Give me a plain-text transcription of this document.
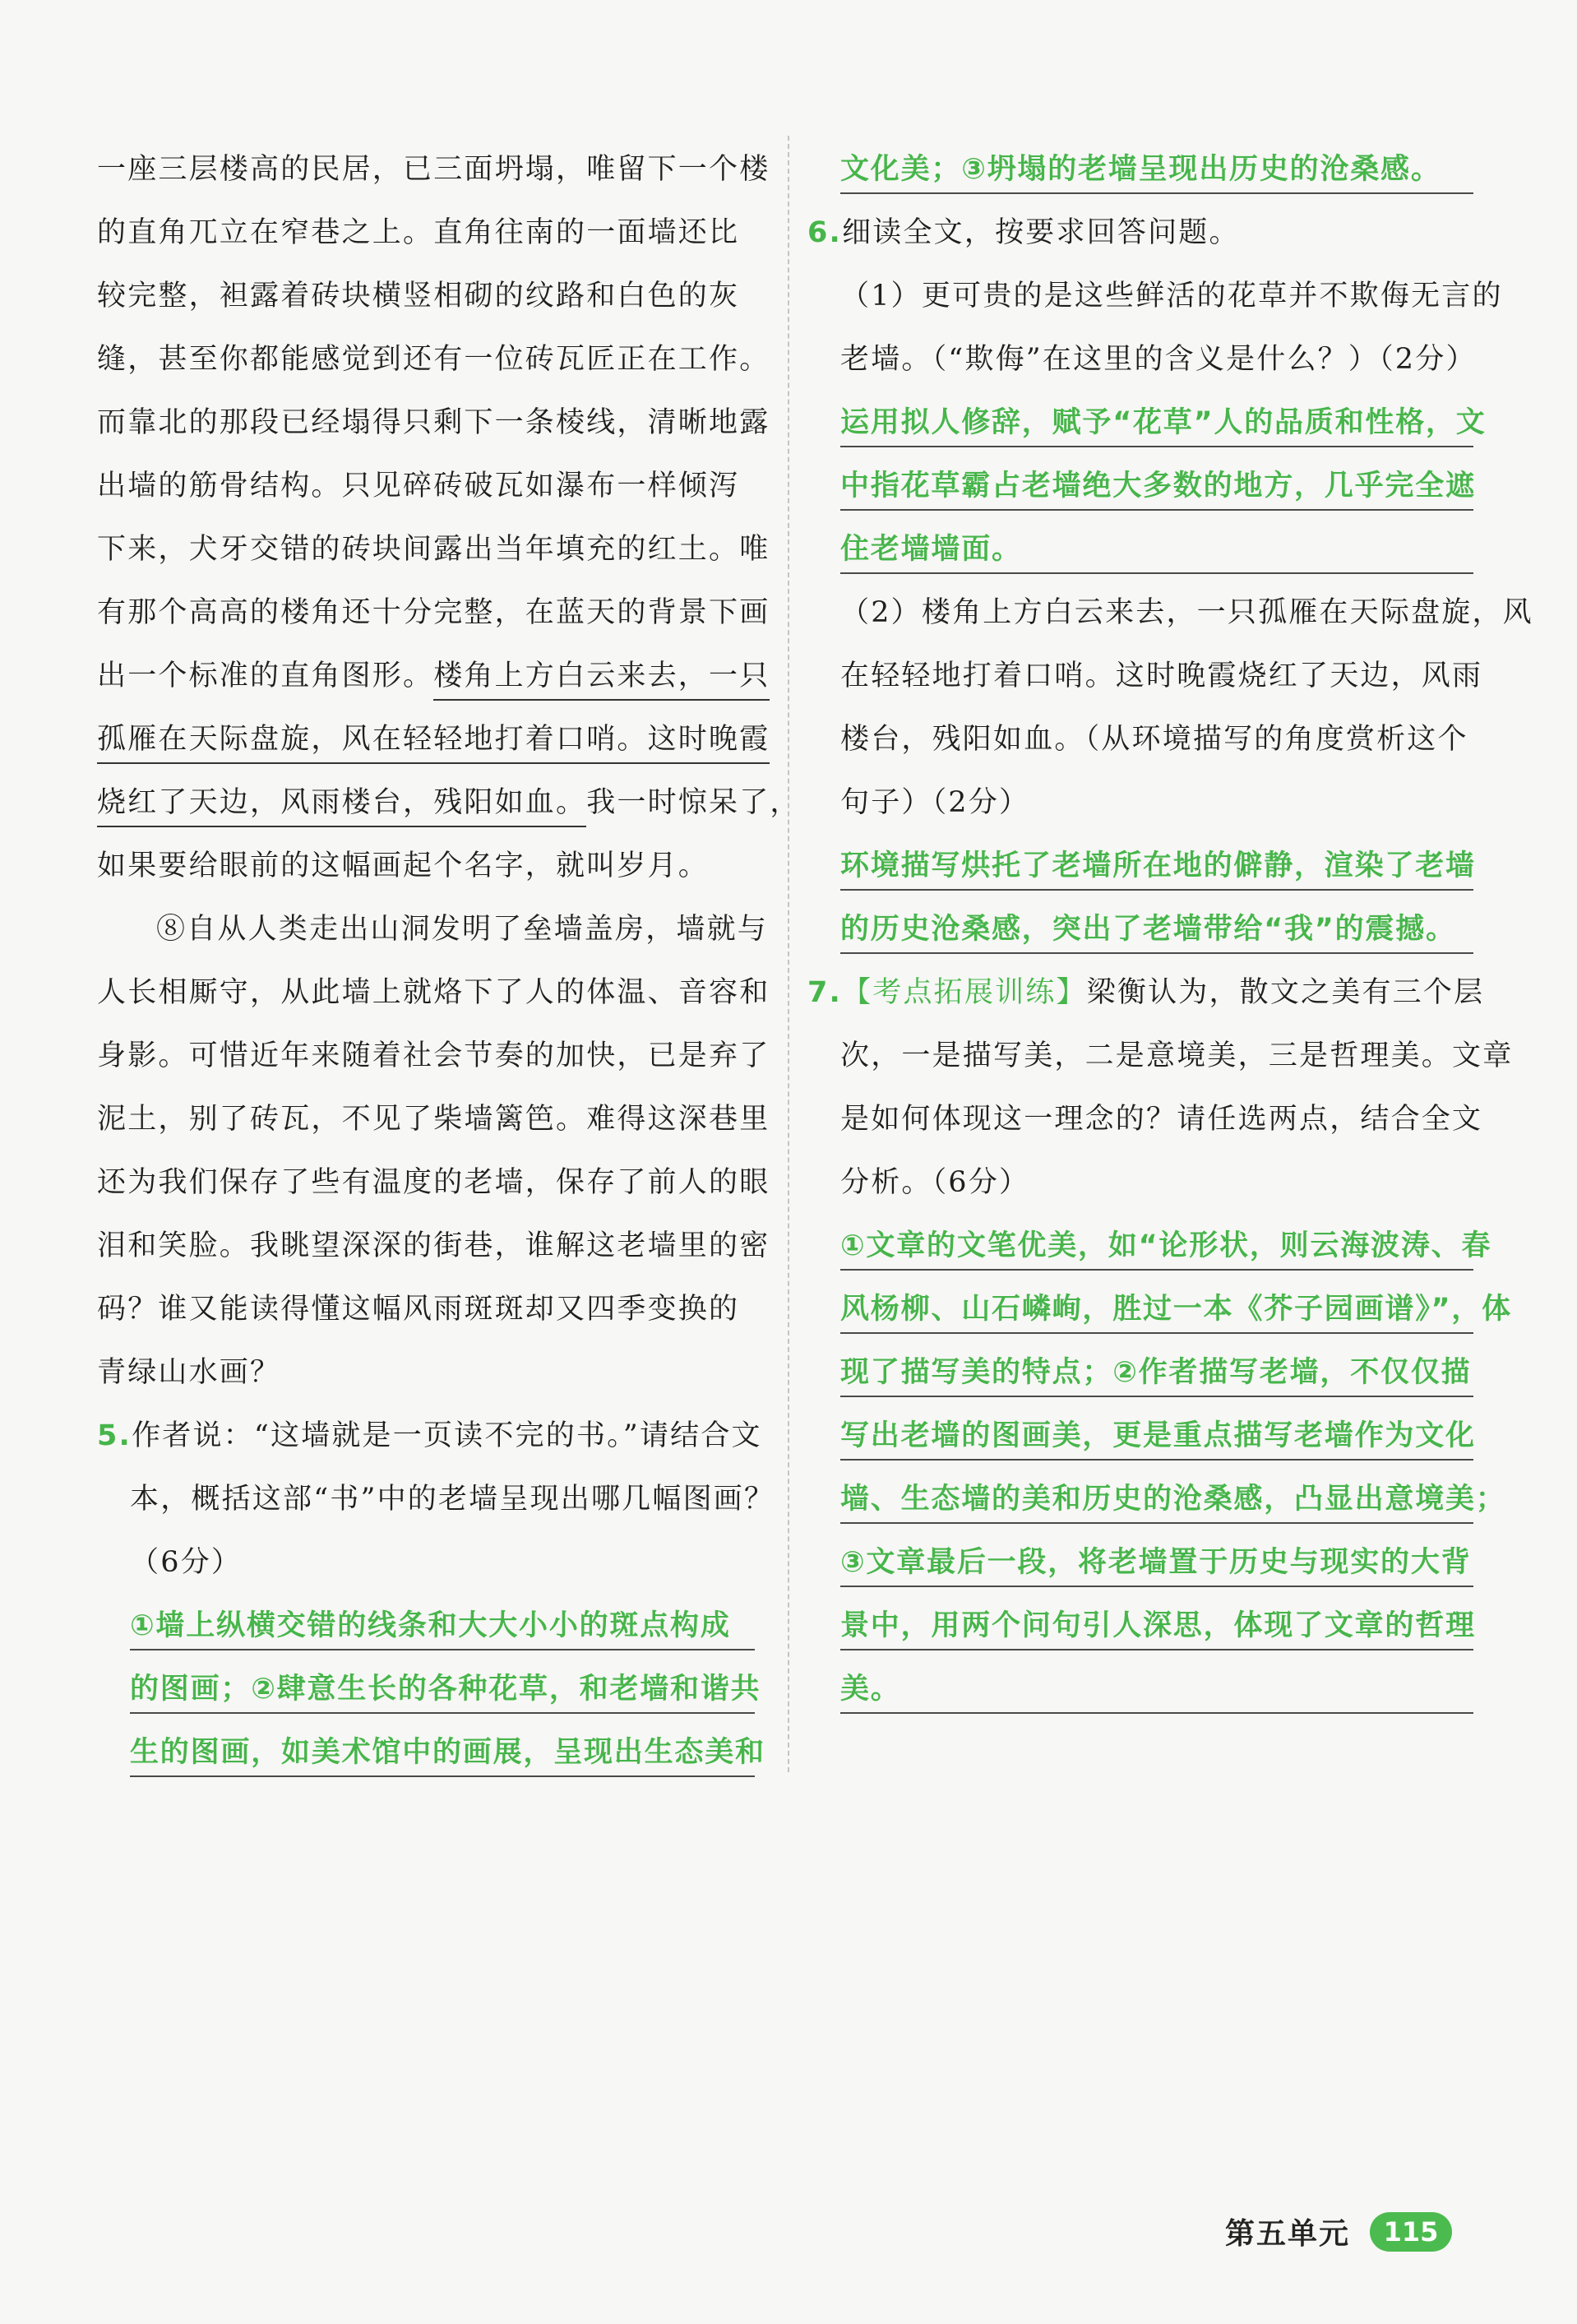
一座三层楼高的民居，已三面坍塌，唯留下一个楼
的直角兀立在窄巷之上。直角往南的一面墙还比
较完整，袒露着砖块横竖相砌的纹路和白色的灰
缝，甚至你都能感觉到还有一位砖瓦匠正在工作。
而靠北的那段已经塌得只剩下一条棱线，清晰地露
出墙的筋骨结构。只见碎砖破瓦如瀑布一样倾泻
下来，犬牙交错的砖块间露出当年填充的红土。唯
有那个高高的楼角还十分完整，在蓝天的背景下画
出一个标准的直角图形。楼角上方白云来去，一只
孤雁在天际盘旋，风在轻轻地打着口哨。这时晚霞
烧红了天边，风雨楼台，残阳如血。我一时惊呆了，
如果要给眼前的这幅画起个名字，就叫岁月。
⑧自从人类走出山洞发明了垒墙盖房，墙就与
人长相厮守，从此墙上就烙下了人的体温、音容和
身影。可惜近年来随着社会节奏的加快，已是弃了
泥土，别了砖瓦，不见了柴墙篱笆。难得这深巷里
还为我们保存了些有温度的老墙，保存了前人的眼
泪和笑脸。我眺望深深的街巷，谁解这老墙里的密
码？谁又能读得懂这幅风雨斑斑却又四季变换的
青绿山水画？
5.作者说：“这墙就是一页读不完的书。”请结合文
本，概括这部“书”中的老墙呈现出哪几幅图画？
（6分）
①墙上纵横交错的线条和大大小小的斑点构成
的图画；②肆意生长的各种花草，和老墙和谐共
生的图画，如美术馆中的画展，呈现出生态美和
文化美；③坍塌的老墙呈现出历史的沧桑感。
6.细读全文，按要求回答问题。
（1）更可贵的是这些鲜活的花草并不欺侮无言的
老墙。（“欺侮”在这里的含义是什么？）（2分）
运用拟人修辞，赋予“花草”人的品质和性格，文
中指花草霸占老墙绝大多数的地方，几乎完全遮
住老墙墙面。
（2）楼角上方白云来去，一只孤雁在天际盘旋，风
在轻轻地打着口哨。这时晚霞烧红了天边，风雨
楼台，残阳如血。（从环境描写的角度赏析这个
句子）（2分）
环境描写烘托了老墙所在地的僻静，渲染了老墙
的历史沧桑感，突出了老墙带给“我”的震撼。
7.【考点拓展训练】梁衡认为，散文之美有三个层
次，一是描写美，二是意境美，三是哲理美。文章
是如何体现这一理念的？请任选两点，结合全文
分析。（6分）
①文章的文笔优美，如“论形状，则云海波涛、春
风杨柳、山石嶙峋，胜过一本《芥子园画谱》”，体
现了描写美的特点；②作者描写老墙，不仅仅描
写出老墙的图画美，更是重点描写老墙作为文化
墙、生态墙的美和历史的沧桑感，凸显出意境美；
③文章最后一段，将老墙置于历史与现实的大背
景中，用两个问句引人深思，体现了文章的哲理
美。
第五单元	115
